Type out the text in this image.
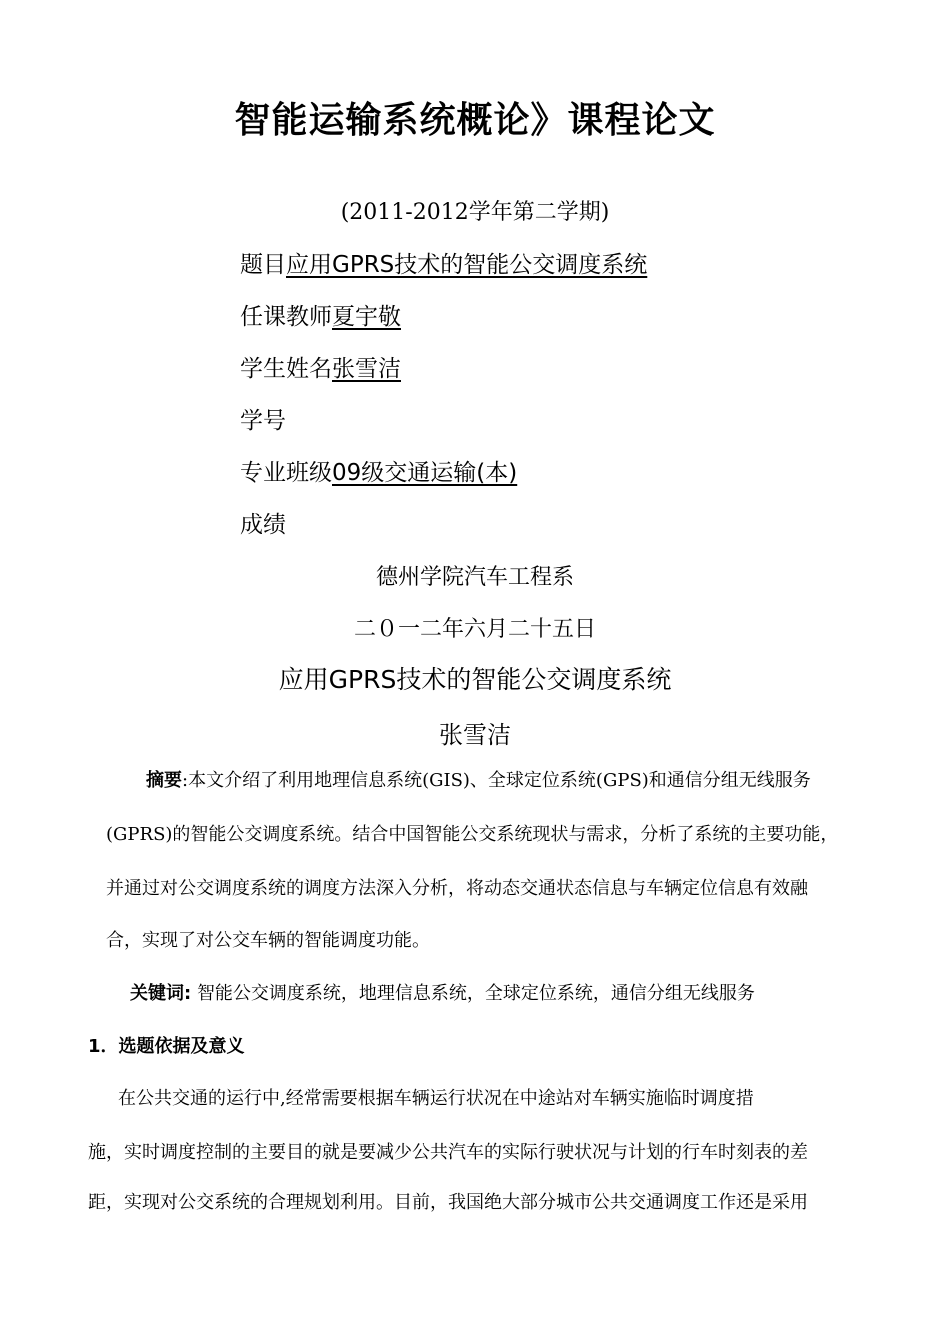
智能运输系统概论》课程论文
(2011-2012学年第二学期)
题目应用GPRS技术的智能公交调度系统
任课教师夏宇敬
学生姓名张雪洁
学号
专业班级09级交通运输(本)
成绩
德州学院汽车工程系
二０一二年六月二十五日
应用GPRS技术的智能公交调度系统
张雪洁
摘要:本文介绍了利用地理信息系统(GIS)、全球定位系统(GPS)和通信分组无线服务
(GPRS)的智能公交调度系统。结合中国智能公交系统现状与需求，分析了系统的主要功能，
并通过对公交调度系统的调度方法深入分析，将动态交通状态信息与车辆定位信息有效融
合，实现了对公交车辆的智能调度功能。
关键词: 智能公交调度系统，地理信息系统，全球定位系统，通信分组无线服务
1．选题依据及意义
在公共交通的运行中,经常需要根据车辆运行状况在中途站对车辆实施临时调度措
施，实时调度控制的主要目的就是要减少公共汽车的实际行驶状况与计划的行车时刻表的差
距，实现对公交系统的合理规划利用。目前，我国绝大部分城市公共交通调度工作还是采用
